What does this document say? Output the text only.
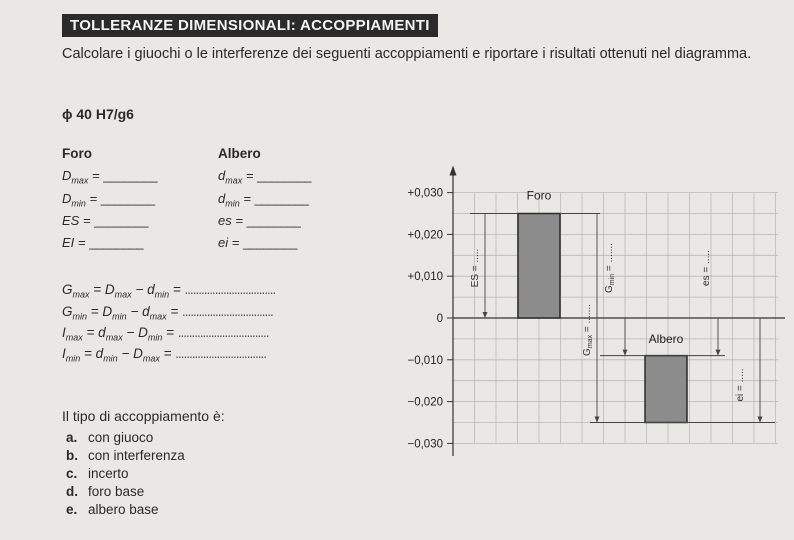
TOLLERANZE DIMENSIONALI: ACCOPPIAMENTI
Calcolare i giuochi o le interferenze dei seguenti accoppiamenti e riportare i risultati ottenuti nel diagramma.
ϕ 40 H7/g6
Foro	Albero
$D_{max}$ = ________
$D_{min}$ = ________
ES = ________
EI = ________
$d_{max}$ = ________
$d_{min}$ = ________
es = ________
ei = ________
$G_{max} = D_{max} - d_{min}$ = .................................
$G_{min} = D_{min} - d_{max}$ = .................................
$I_{max} = d_{max} - D_{min}$ = .................................
$I_{min} = d_{min} - D_{max}$ = .................................
Il tipo di accoppiamento è:
a. con giuoco
b. con interferenza
c. incerto
d. foro base
e. albero base
+0,030
+0,020
+0,010
0
−0,010
−0,020
−0,030
Foro
Albero
ES = .....
$G_{min}$ = .......
$G_{max}$ = .......
es = .....
ei = .....
